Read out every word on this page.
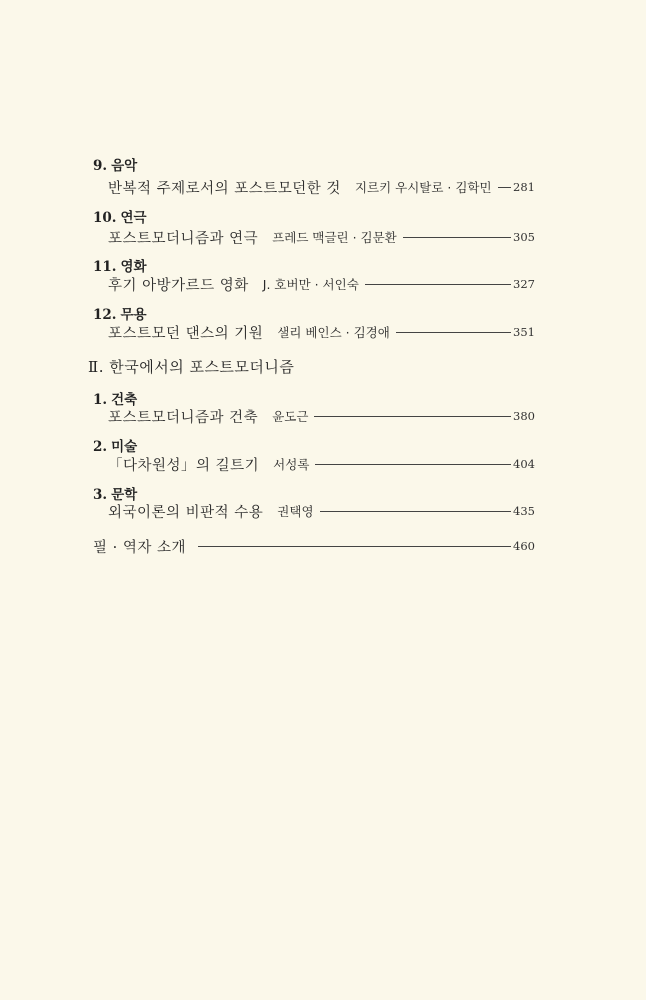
9. 음악
반복적 주제로서의 포스트모던한 것 지르키 우시탈로 · 김학민 281
10. 연극
포스트모더니즘과 연극 프레드 맥글린 · 김문환	305
11. 영화
후기 아방가르드 영화 J. 호버만 · 서인숙	327
12. 무용
포스트모던 댄스의 기원 샐리 베인스 · 김경애	351
Ⅱ. 한국에서의 포스트모더니즘
1. 건축
포스트모더니즘과 건축 윤도근	380
2. 미술
「다차원성」의 길트기 서성록	404
3. 문학
외국이론의 비판적 수용 권택영	435
필 · 역자 소개	460
